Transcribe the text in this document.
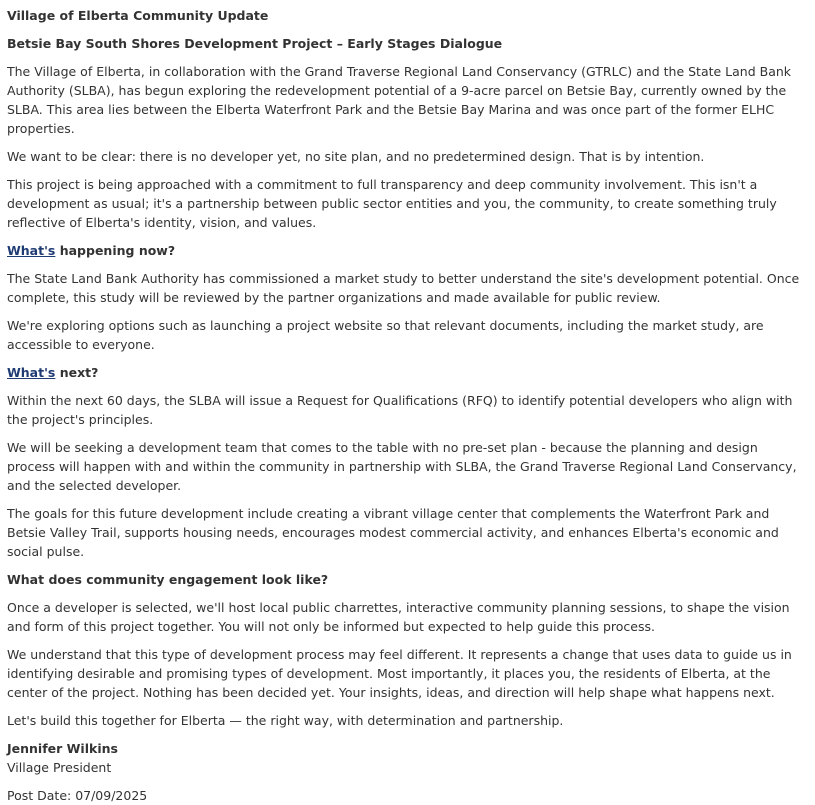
Village of Elberta Community Update
Betsie Bay South Shores Development Project – Early Stages Dialogue

The Village of Elberta, in collaboration with the Grand Traverse Regional Land Conservancy (GTRLC) and the State Land Bank Authority (SLBA), has begun exploring the redevelopment potential of a 9-acre parcel on Betsie Bay, currently owned by the SLBA. This area lies between the Elberta Waterfront Park and the Betsie Bay Marina and was once part of the former ELHC properties.

We want to be clear: there is no developer yet, no site plan, and no predetermined design. That is by intention.

This project is being approached with a commitment to full transparency and deep community involvement. This isn't a development as usual; it's a partnership between public sector entities and you, the community, to create something truly reflective of Elberta's identity, vision, and values.

What's happening now?

The State Land Bank Authority has commissioned a market study to better understand the site's development potential. Once complete, this study will be reviewed by the partner organizations and made available for public review.

We're exploring options such as launching a project website so that relevant documents, including the market study, are accessible to everyone.

What's next?

Within the next 60 days, the SLBA will issue a Request for Qualifications (RFQ) to identify potential developers who align with the project's principles.

We will be seeking a development team that comes to the table with no pre-set plan - because the planning and design process will happen with and within the community in partnership with SLBA, the Grand Traverse Regional Land Conservancy, and the selected developer.

The goals for this future development include creating a vibrant village center that complements the Waterfront Park and Betsie Valley Trail, supports housing needs, encourages modest commercial activity, and enhances Elberta's economic and social pulse.

What does community engagement look like?

Once a developer is selected, we'll host local public charrettes, interactive community planning sessions, to shape the vision and form of this project together. You will not only be informed but expected to help guide this process.

We understand that this type of development process may feel different. It represents a change that uses data to guide us in identifying desirable and promising types of development. Most importantly, it places you, the residents of Elberta, at the center of the project. Nothing has been decided yet. Your insights, ideas, and direction will help shape what happens next.

Let's build this together for Elberta — the right way, with determination and partnership.

Jennifer Wilkins
Village President
Post Date: 07/09/2025
